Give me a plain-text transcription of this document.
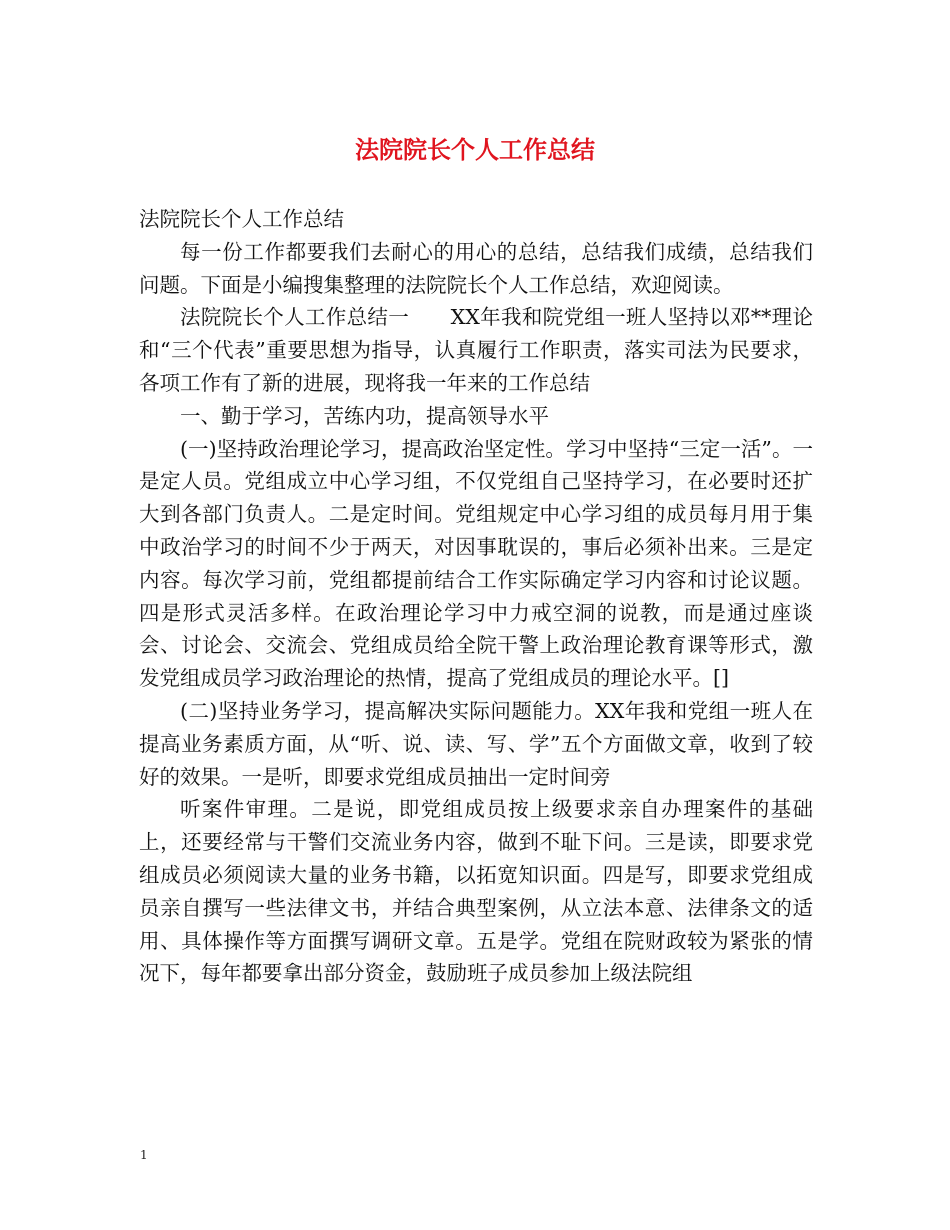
法院院长个人工作总结

法院院长个人工作总结

每一份工作都要我们去耐心的用心的总结，总结我们成绩，总结我们问题。下面是小编搜集整理的法院院长个人工作总结，欢迎阅读。

法院院长个人工作总结一　　XX年我和院党组一班人坚持以邓**理论和“三个代表”重要思想为指导，认真履行工作职责，落实司法为民要求，各项工作有了新的进展，现将我一年来的工作总结

一、勤于学习，苦练内功，提高领导水平

(一)坚持政治理论学习，提高政治坚定性。学习中坚持“三定一活”。一是定人员。党组成立中心学习组，不仅党组自己坚持学习，在必要时还扩大到各部门负责人。二是定时间。党组规定中心学习组的成员每月用于集中政治学习的时间不少于两天，对因事耽误的，事后必须补出来。三是定内容。每次学习前，党组都提前结合工作实际确定学习内容和讨论议题。四是形式灵活多样。在政治理论学习中力戒空洞的说教，而是通过座谈会、讨论会、交流会、党组成员给全院干警上政治理论教育课等形式，激发党组成员学习政治理论的热情，提高了党组成员的理论水平。[]

(二)坚持业务学习，提高解决实际问题能力。XX年我和党组一班人在提高业务素质方面，从“听、说、读、写、学”五个方面做文章，收到了较好的效果。一是听，即要求党组成员抽出一定时间旁

听案件审理。二是说，即党组成员按上级要求亲自办理案件的基础上，还要经常与干警们交流业务内容，做到不耻下问。三是读，即要求党组成员必须阅读大量的业务书籍，以拓宽知识面。四是写，即要求党组成员亲自撰写一些法律文书，并结合典型案例，从立法本意、法律条文的适用、具体操作等方面撰写调研文章。五是学。党组在院财政较为紧张的情况下，每年都要拿出部分资金，鼓励班子成员参加上级法院组

1
